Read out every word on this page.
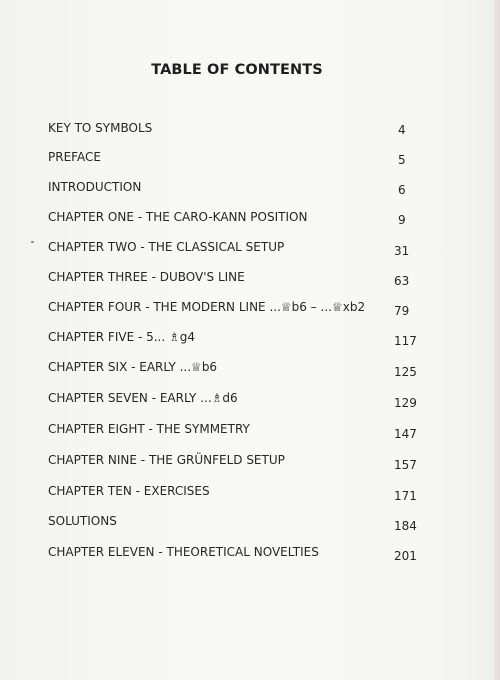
TABLE OF CONTENTS
KEY TO SYMBOLS	4
PREFACE	5
INTRODUCTION	6
CHAPTER ONE - THE CARO-KANN POSITION	9
CHAPTER TWO - THE CLASSICAL SETUP	31
CHAPTER THREE - DUBOV'S LINE	63
CHAPTER FOUR - THE MODERN LINE ...♕b6 – ...♕xb2 79
CHAPTER FIVE - 5... ♗g4	117
CHAPTER SIX - EARLY ...♕b6	125
CHAPTER SEVEN - EARLY ...♗d6	129
CHAPTER EIGHT - THE SYMMETRY	147
CHAPTER NINE - THE GRÜNFELD SETUP	157
CHAPTER TEN - EXERCISES	171
SOLUTIONS	184
CHAPTER ELEVEN - THEORETICAL NOVELTIES	201
